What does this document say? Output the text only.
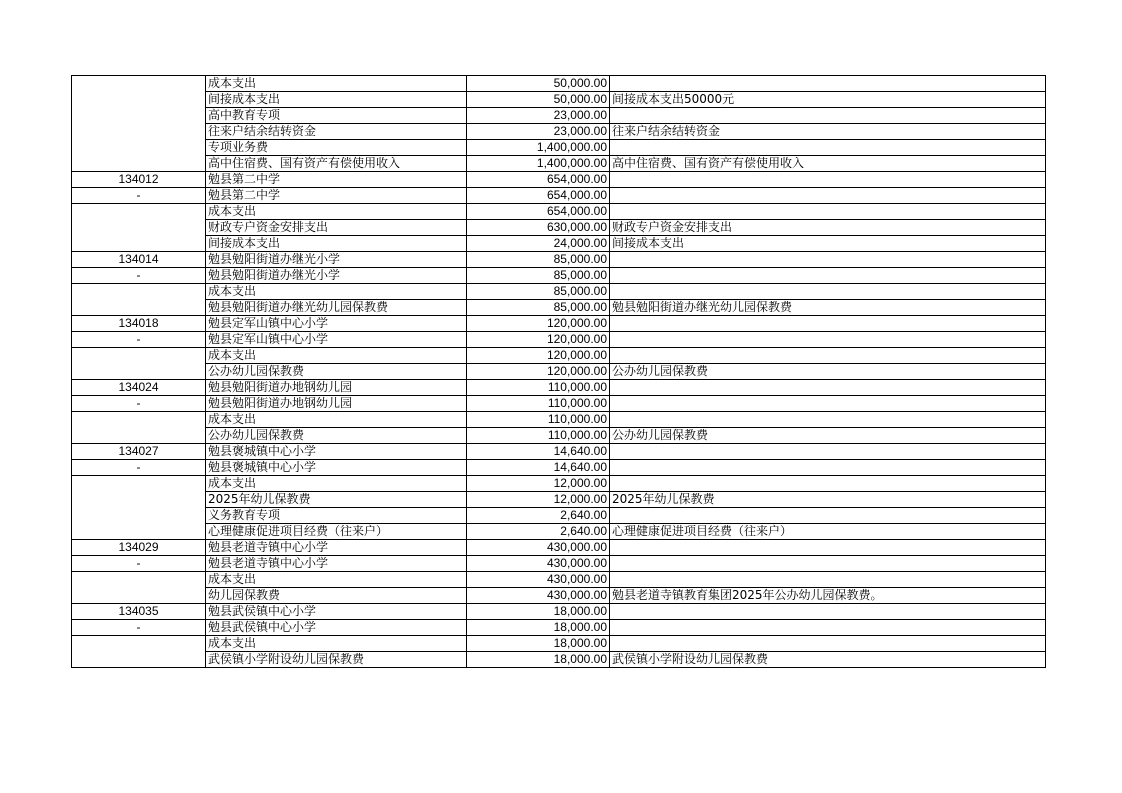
	成本支出	50,000.00	
	间接成本支出	50,000.00	间接成本支出50000元
	高中教育专项	23,000.00	
	往来户结余结转资金	23,000.00	往来户结余结转资金
	专项业务费	1,400,000.00	
	高中住宿费、国有资产有偿使用收入	1,400,000.00	高中住宿费、国有资产有偿使用收入
134012	勉县第二中学	654,000.00	
-	勉县第二中学	654,000.00	
	成本支出	654,000.00	
	财政专户资金安排支出	630,000.00	财政专户资金安排支出
	间接成本支出	24,000.00	间接成本支出
134014	勉县勉阳街道办继光小学	85,000.00	
-	勉县勉阳街道办继光小学	85,000.00	
	成本支出	85,000.00	
	勉县勉阳街道办继光幼儿园保教费	85,000.00	勉县勉阳街道办继光幼儿园保教费
134018	勉县定军山镇中心小学	120,000.00	
-	勉县定军山镇中心小学	120,000.00	
	成本支出	120,000.00	
	公办幼儿园保教费	120,000.00	公办幼儿园保教费
134024	勉县勉阳街道办地钢幼儿园	110,000.00	
-	勉县勉阳街道办地钢幼儿园	110,000.00	
	成本支出	110,000.00	
	公办幼儿园保教费	110,000.00	公办幼儿园保教费
134027	勉县褒城镇中心小学	14,640.00	
-	勉县褒城镇中心小学	14,640.00	
	成本支出	12,000.00	
	2025年幼儿保教费	12,000.00	2025年幼儿保教费
	义务教育专项	2,640.00	
	心理健康促进项目经费（往来户）	2,640.00	心理健康促进项目经费（往来户）
134029	勉县老道寺镇中心小学	430,000.00	
-	勉县老道寺镇中心小学	430,000.00	
	成本支出	430,000.00	
	幼儿园保教费	430,000.00	勉县老道寺镇教育集团2025年公办幼儿园保教费。
134035	勉县武侯镇中心小学	18,000.00	
-	勉县武侯镇中心小学	18,000.00	
	成本支出	18,000.00	
	武侯镇小学附设幼儿园保教费	18,000.00	武侯镇小学附设幼儿园保教费
